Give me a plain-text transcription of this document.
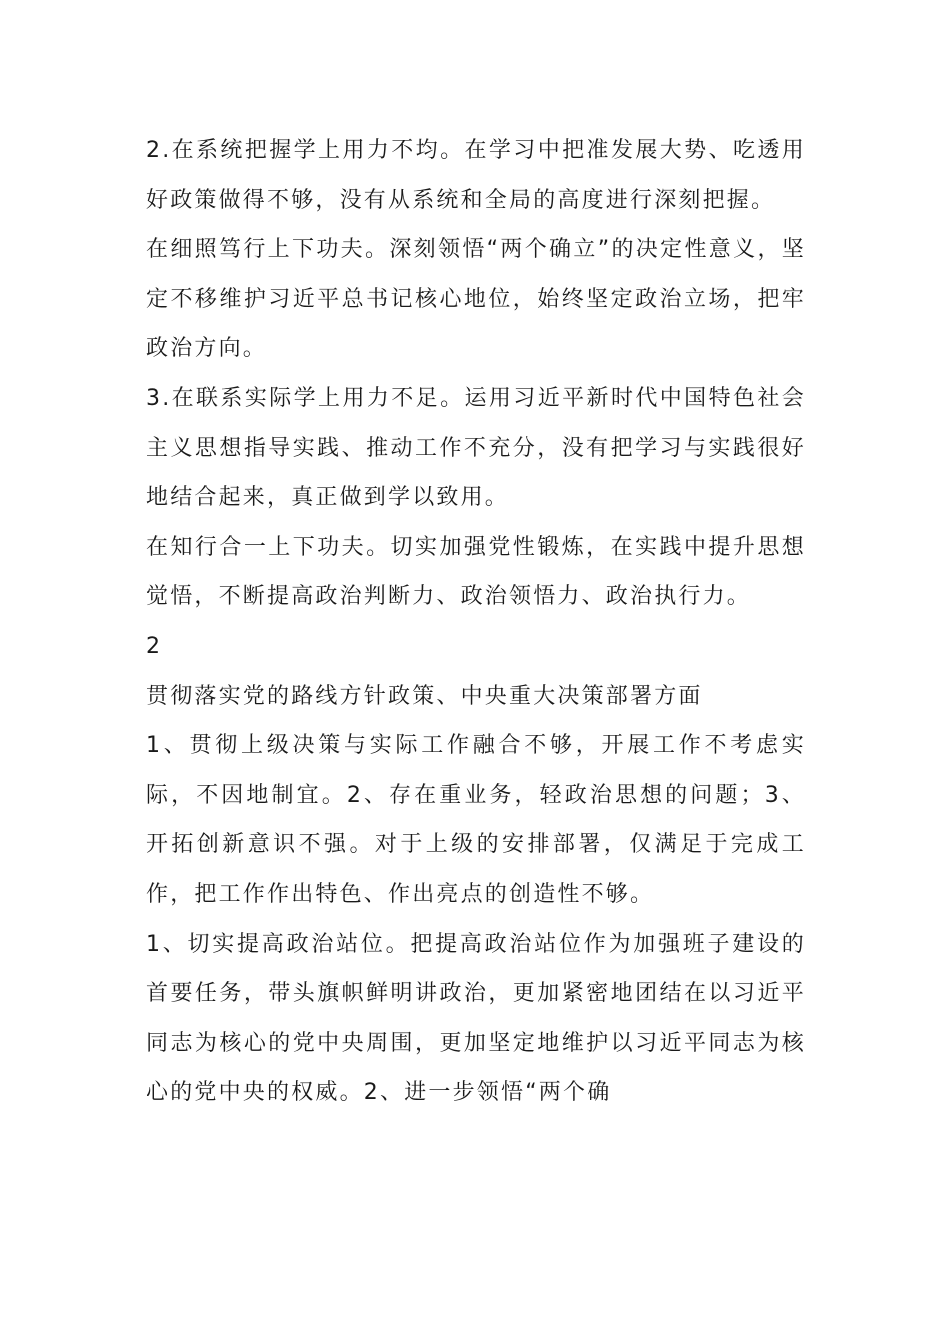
2.在系统把握学上用力不均。在学习中把准发展大势、吃透用好政策做得不够，没有从系统和全局的高度进行深刻把握。

在细照笃行上下功夫。深刻领悟“两个确立”的决定性意义，坚定不移维护习近平总书记核心地位，始终坚定政治立场，把牢政治方向。

3.在联系实际学上用力不足。运用习近平新时代中国特色社会主义思想指导实践、推动工作不充分，没有把学习与实践很好地结合起来，真正做到学以致用。

在知行合一上下功夫。切实加强党性锻炼，在实践中提升思想觉悟，不断提高政治判断力、政治领悟力、政治执行力。

2

贯彻落实党的路线方针政策、中央重大决策部署方面

1、贯彻上级决策与实际工作融合不够，开展工作不考虑实际，不因地制宜。2、存在重业务，轻政治思想的问题；3、开拓创新意识不强。对于上级的安排部署，仅满足于完成工作，把工作作出特色、作出亮点的创造性不够。

1、切实提高政治站位。把提高政治站位作为加强班子建设的首要任务，带头旗帜鲜明讲政治，更加紧密地团结在以习近平同志为核心的党中央周围，更加坚定地维护以习近平同志为核心的党中央的权威。2、进一步领悟“两个确
